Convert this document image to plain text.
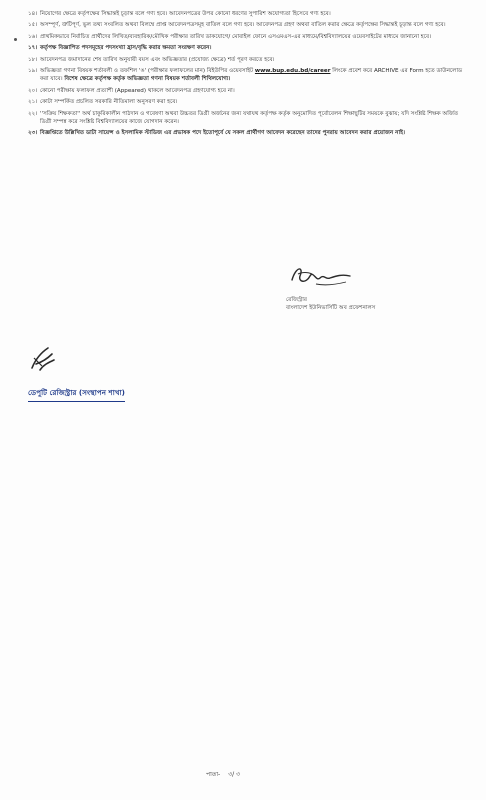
১৪। নিয়োগের ক্ষেত্রে কর্তৃপক্ষের সিদ্ধান্তই চূড়ান্ত বলে গণ্য হবে। আবেদনপত্রের উপর কোনো ধরণের সুপারিশ অযোগ্যতা হিসেবে গণ্য হবে।
১৫। অসম্পূর্ণ, ত্রুটিপূর্ণ, ভুল তথ্য সংবলিত অথবা বিলম্বে প্রাপ্ত আবেদনপত্রসমূহ বাতিল বলে গণ্য হবে। আবেদনপত্র গ্রহণ অথবা বাতিল করার ক্ষেত্রে কর্তৃপক্ষের সিদ্ধান্তই চূড়ান্ত বলে গণ্য হবে।
১৬। প্রাথমিকভাবে নির্বাচিত প্রার্থীদের লিখিত/ব্যবহারিক/মৌখিক পরীক্ষার তারিখ ডাকযোগে/ মোবাইল ফোনে এসএমএস-এর মাধ্যমে/বিশ্ববিদ্যালয়ের ওয়েবসাইটের মাধ্যমে জানানো হবে।
১৭। কর্তৃপক্ষ বিজ্ঞাপিত পদসমূহের পদসংখ্যা হ্রাস/বৃদ্ধি করার ক্ষমতা সংরক্ষণ করেন।
১৮। আবেদনপত্র জমাদানের শেষ তারিখ অনুযায়ী বয়স এবং অভিজ্ঞতার (প্রযোজ্য ক্ষেত্রে) শর্ত পূরণ করতে হবে।
১৯। অভিজ্ঞতা গণনা বিষয়ক শর্তাবলী ও তফশিল 'ঙ' (পরীক্ষার ফলাফলের মান) বিইউপির ওয়েবসাইট www.bup.edu.bd/career লিংকে প্রবেশ করে ARCHIVE এর Form হতে ডাউনলোড করা যাবে। বিশেষ ক্ষেত্রে কর্তৃপক্ষ কর্তৃক অভিজ্ঞতা গণনা বিষয়ক শর্তাবলী শিথিলযোগ্য।
২০। কোনো পরীক্ষায় ফলাফল প্রত্যাশী (Appeared) থাকলে আবেদনপত্র গ্রহণযোগ্য হবে না।
২১। কোটা সম্পর্কিত প্রচলিত সরকারি নীতিমালা অনুসরণ করা হবে।
২২। ''সক্রিয় শিক্ষকতা'' অর্থ চাকুরিকালীন পাঠদান ও গবেষণা অথবা উচ্চতর ডিগ্রী অর্জনের জন্য যথাযথ কর্তৃপক্ষ কর্তৃক অনুমোদিত পূর্বোবেলন শিক্ষাছুটির সময়কে বুঝায়; যদি সংশ্লিষ্ট শিক্ষক অর্জিত ডিগ্রী সম্পন্ন করে সংশ্লিষ্ট বিশ্ববিদ্যালয়ের কাজে যোগদান করেন।
২৩। বিজ্ঞপ্তিতে উল্লিখিত ডাটা সায়েন্স ও ইসলামিক স্টাডিজ এর প্রভাষক পদে ইতোপূর্বে যে সকল প্রার্থীগণ আবেদন করেছেন তাদের পুনরায় আবেদন করার প্রয়োজন নাই।
রেজিস্ট্রার
বাংলাদেশ ইউনিভার্সিটি অব প্রফেশনালস
ডেপুটি রেজিস্ট্রার (সংস্থাপন শাখা)
পাতা- ৩/ ৩
